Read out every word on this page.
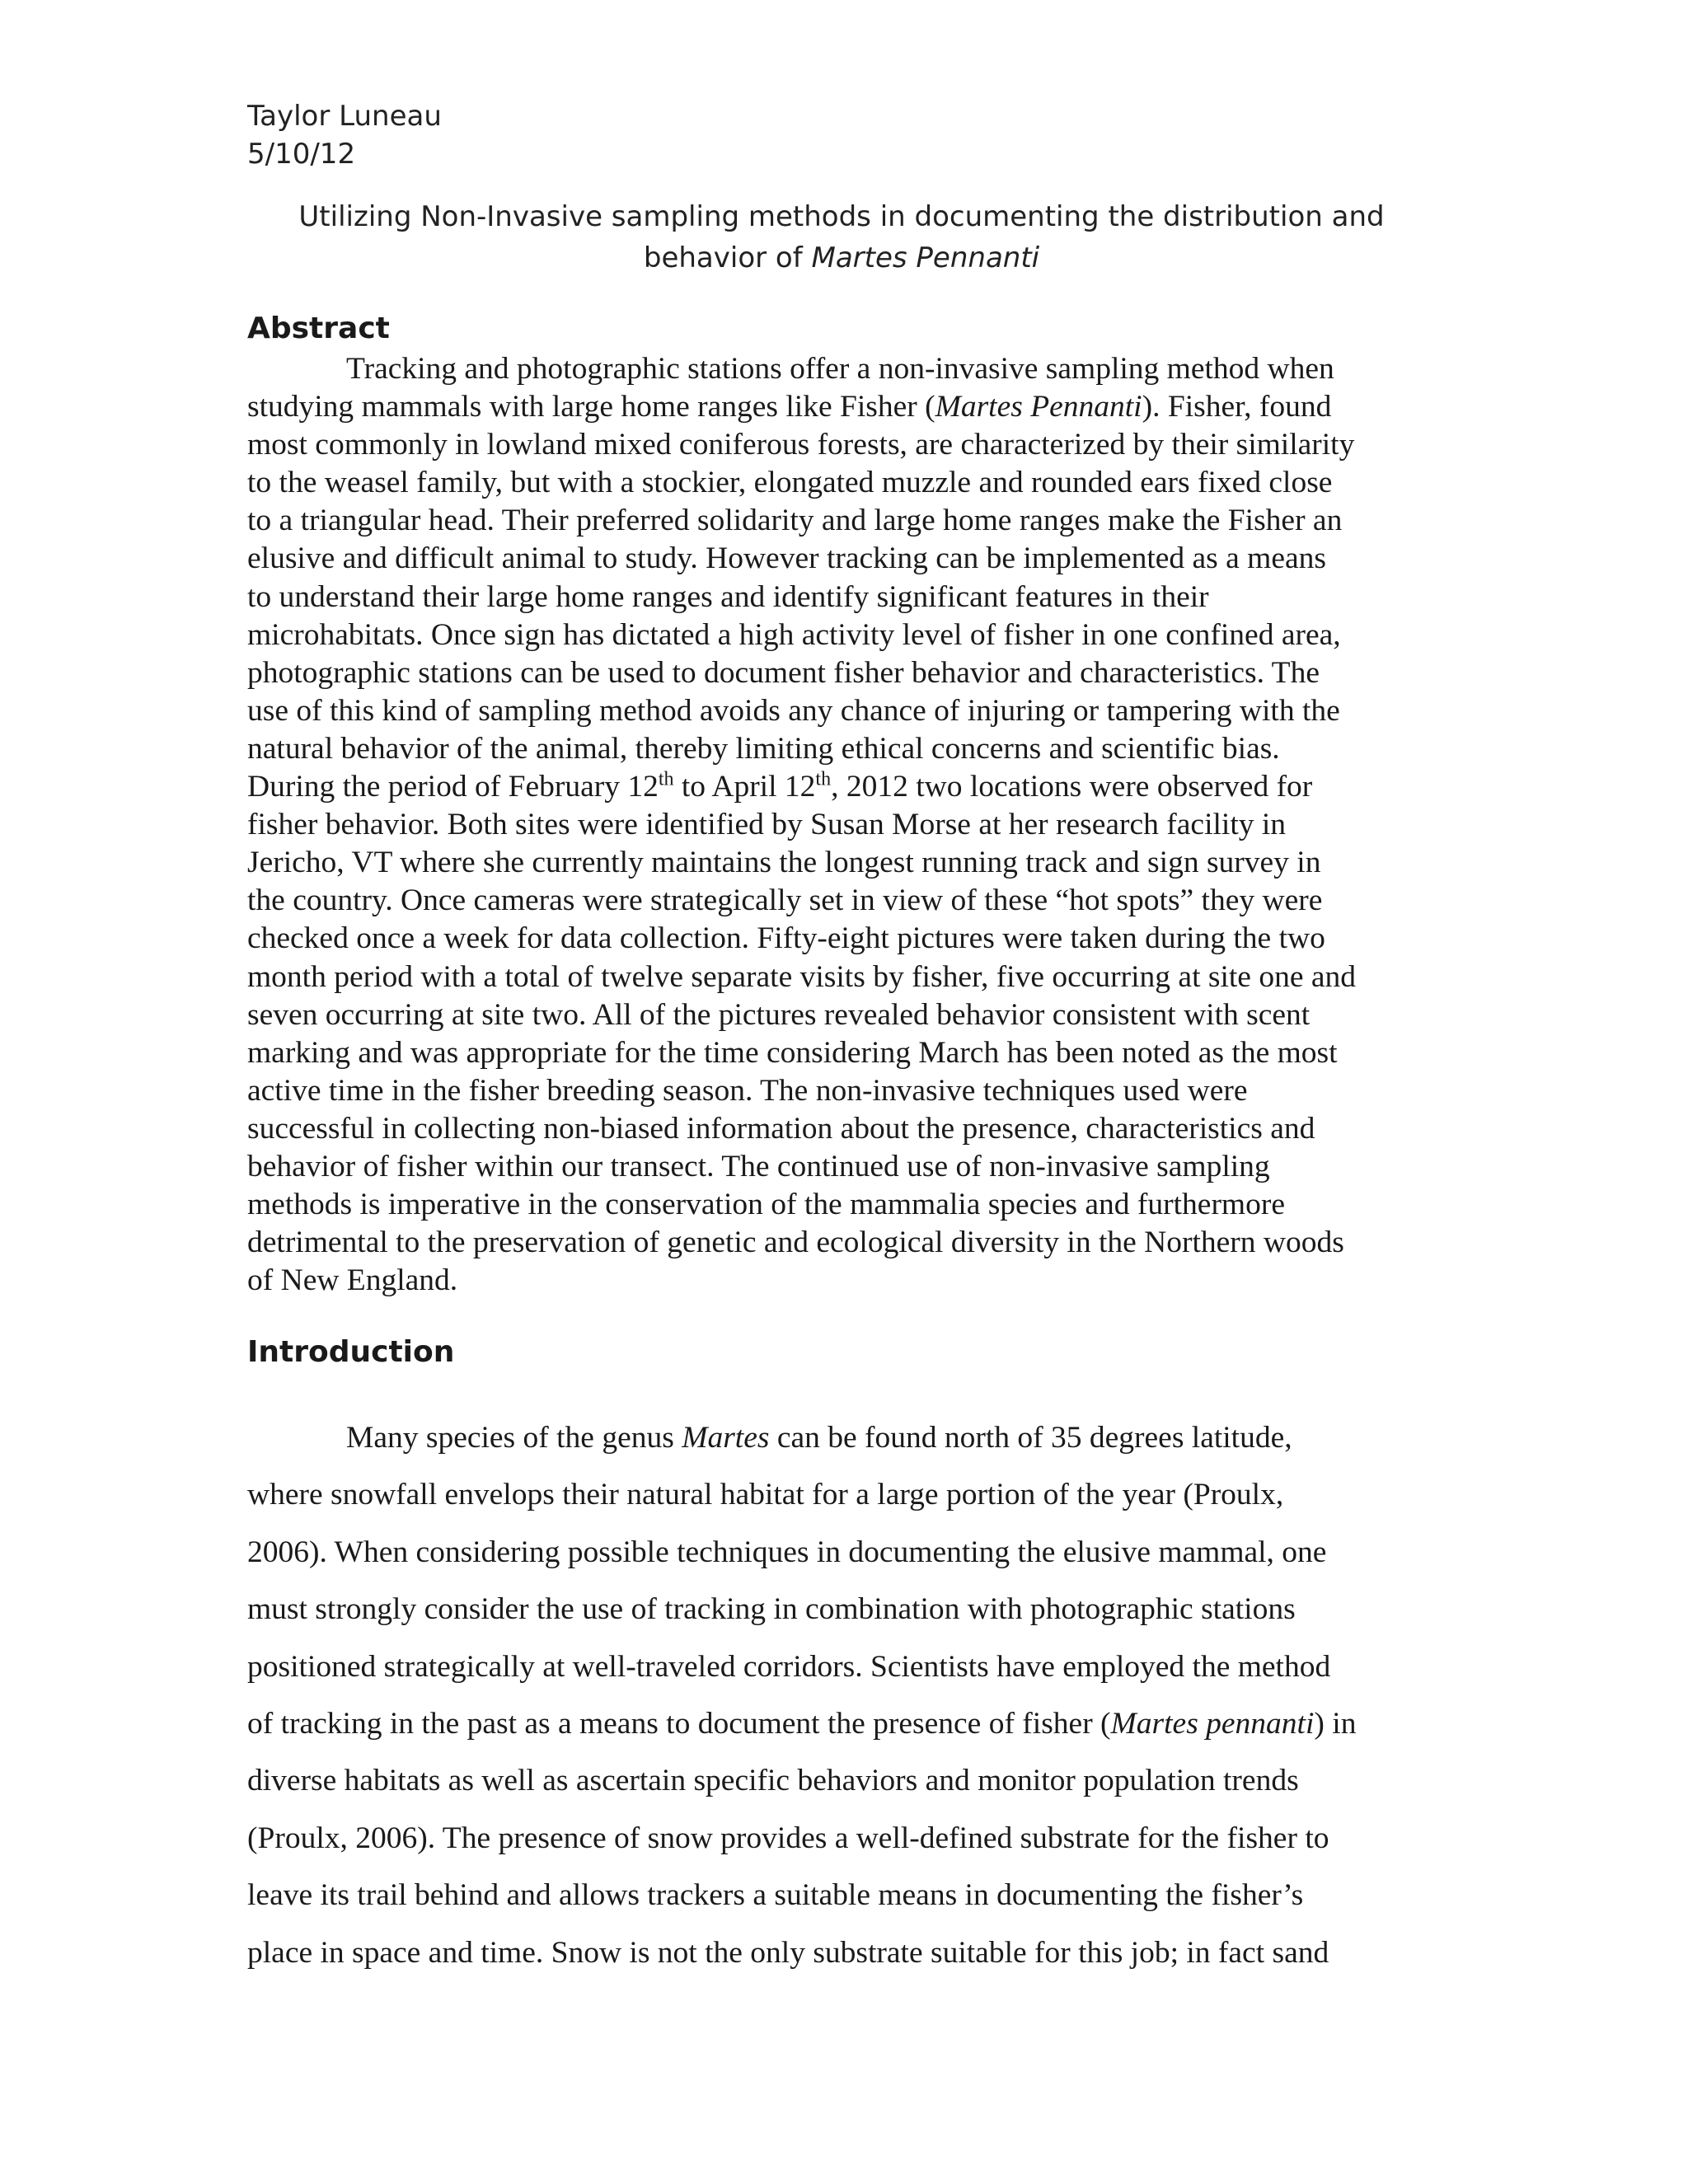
Taylor Luneau
5/10/12
Utilizing Non-Invasive sampling methods in documenting the distribution and
behavior of Martes Pennanti
Abstract
Tracking and photographic stations offer a non-invasive sampling method when
studying mammals with large home ranges like Fisher (Martes Pennanti). Fisher, found
most commonly in lowland mixed coniferous forests, are characterized by their similarity
to the weasel family, but with a stockier, elongated muzzle and rounded ears fixed close
to a triangular head. Their preferred solidarity and large home ranges make the Fisher an
elusive and difficult animal to study. However tracking can be implemented as a means
to understand their large home ranges and identify significant features in their
microhabitats. Once sign has dictated a high activity level of fisher in one confined area,
photographic stations can be used to document fisher behavior and characteristics. The
use of this kind of sampling method avoids any chance of injuring or tampering with the
natural behavior of the animal, thereby limiting ethical concerns and scientific bias.
During the period of February 12th to April 12th, 2012 two locations were observed for
fisher behavior. Both sites were identified by Susan Morse at her research facility in
Jericho, VT where she currently maintains the longest running track and sign survey in
the country. Once cameras were strategically set in view of these “hot spots” they were
checked once a week for data collection. Fifty-eight pictures were taken during the two
month period with a total of twelve separate visits by fisher, five occurring at site one and
seven occurring at site two. All of the pictures revealed behavior consistent with scent
marking and was appropriate for the time considering March has been noted as the most
active time in the fisher breeding season. The non-invasive techniques used were
successful in collecting non-biased information about the presence, characteristics and
behavior of fisher within our transect. The continued use of non-invasive sampling
methods is imperative in the conservation of the mammalia species and furthermore
detrimental to the preservation of genetic and ecological diversity in the Northern woods
of New England.
Introduction
Many species of the genus Martes can be found north of 35 degrees latitude,
where snowfall envelops their natural habitat for a large portion of the year (Proulx,
2006). When considering possible techniques in documenting the elusive mammal, one
must strongly consider the use of tracking in combination with photographic stations
positioned strategically at well-traveled corridors. Scientists have employed the method
of tracking in the past as a means to document the presence of fisher (Martes pennanti) in
diverse habitats as well as ascertain specific behaviors and monitor population trends
(Proulx, 2006). The presence of snow provides a well-defined substrate for the fisher to
leave its trail behind and allows trackers a suitable means in documenting the fisher’s
place in space and time. Snow is not the only substrate suitable for this job; in fact sand
